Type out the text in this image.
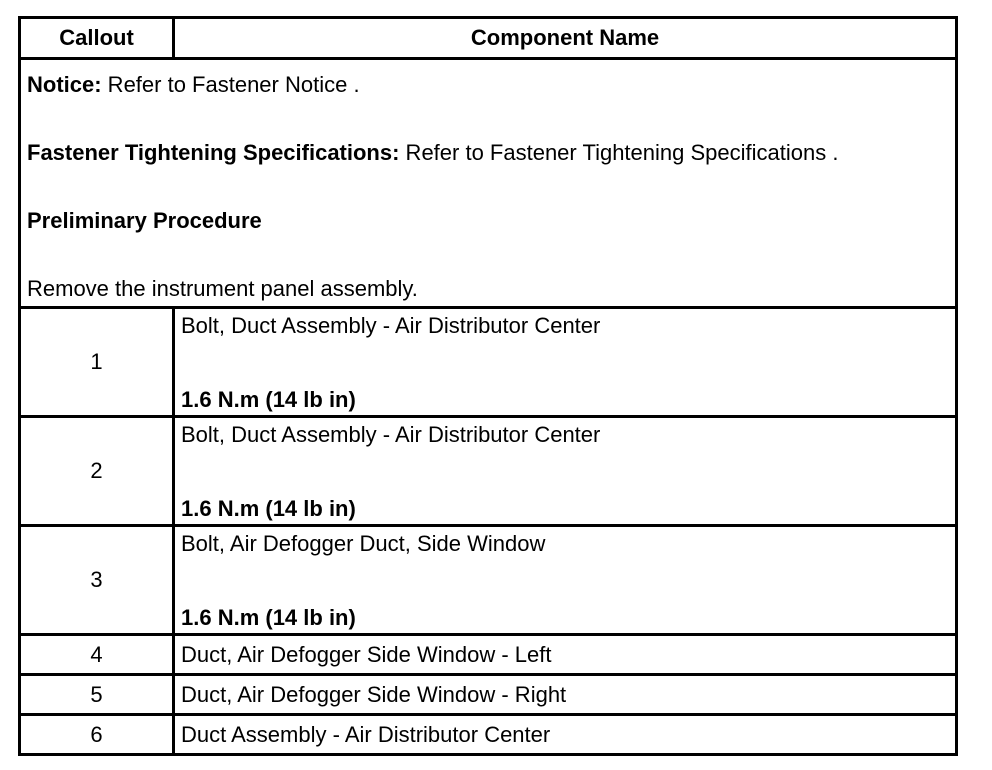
Callout	Component Name

Notice: Refer to Fastener Notice .

Fastener Tightening Specifications: Refer to Fastener Tightening Specifications .

Preliminary Procedure

Remove the instrument panel assembly.	

1	Bolt, Duct Assembly - Air Distributor Center
1.6 N.m (14 lb in)

2	Bolt, Duct Assembly - Air Distributor Center
1.6 N.m (14 lb in)

3	Bolt, Air Defogger Duct, Side Window
1.6 N.m (14 lb in)

4	Duct, Air Defogger Side Window - Left
5	Duct, Air Defogger Side Window - Right
6	Duct Assembly - Air Distributor Center
